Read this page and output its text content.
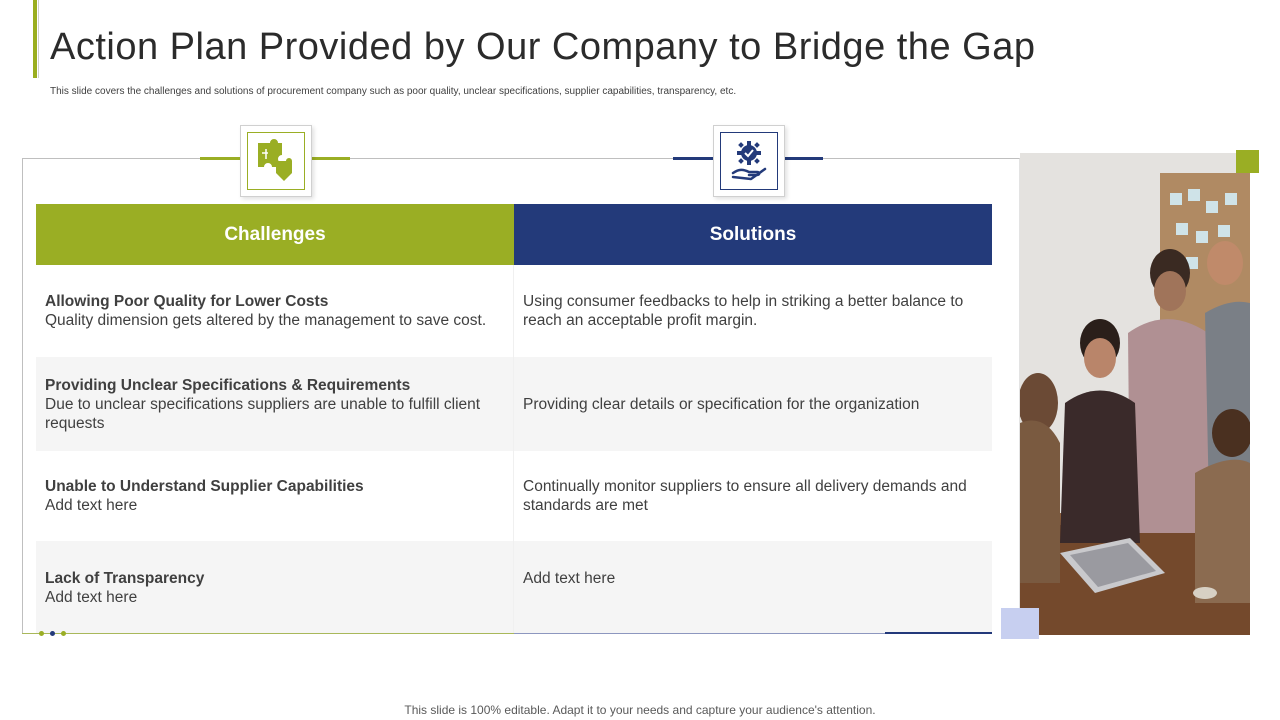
Action Plan Provided by Our Company to Bridge the Gap

This slide covers the challenges and solutions of procurement company such as poor quality, unclear specifications, supplier capabilities, transparency, etc.

Challenges	Solutions
Allowing Poor Quality for Lower Costs
Quality dimension gets altered by the management to save cost.
Using consumer feedbacks to help in striking a better balance to reach an acceptable profit margin.
Providing Unclear Specifications & Requirements
Due to unclear specifications suppliers are unable to fulfill client requests
Providing clear details or specification for the organization
Unable to Understand Supplier Capabilities
Add text here
Continually monitor suppliers to ensure all delivery demands and standards are met
Lack of Transparency
Add text here
Add text here
This slide is 100% editable. Adapt it to your needs and capture your audience's attention.
